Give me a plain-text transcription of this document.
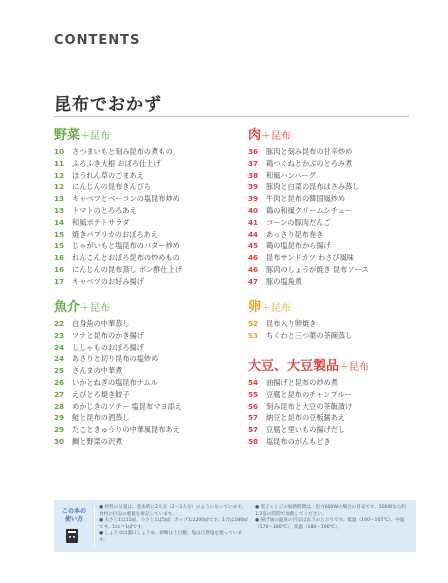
CONTENTS
昆布でおかず
野菜＋昆布
10 さつまいもと刻み昆布の煮もの
11 ふろふき大根 おぼろ仕上げ
12 ほうれん草のごまあえ
12 にんじんの昆布きんぴら
13 キャベツとベーコンの塩昆布炒め
13 トマトのとろろあえ
14 和風ポテトサラダ
15 焼きパプリカのおぼろあえ
15 じゃがいもと塩昆布のバター炒め
16 れんこんとおぼろ昆布の炒めもの
16 にんじんの昆布蒸し ポン酢仕上げ
17 キャベツのお好み揚げ
肉＋昆布
36 豚肉と刻み昆布の甘辛炒め
37 鶏つくねとかぶのとろみ煮
38 和風ハンバーグ
39 豚肉と白菜の昆布はさみ蒸し
39 牛肉と昆布の韓国風炒め
40 鶏の和風クリームシチュー
41 コーンの豚肉だんご
44 あっさり昆布巻き
45 鶏の塩昆布から揚げ
46 昆布サンドカツ わさび風味
46 豚肉のしょうが焼き 昆布ソース
47 豚の塩角煮
魚介＋昆布
22 白身魚の中華蒸し
23 ツナと昆布のかき揚げ
24 ししゃものおぼろ揚げ
24 あさりと切り昆布の塩炒め
25 さんまの中華煮
26 いかとねぎの塩昆布ナムル
27 えびとろ焼き餃子
28 めかじきのソテー 塩昆布マヨ添え
29 鮭と昆布の酒蒸し
29 たこときゅうりの中華風昆布あえ
30 鯛と野菜の沢煮
卵＋昆布
52 昆布入り卵焼き
53 ちくわと三つ葉の茶碗蒸し
大豆、大豆製品＋昆布
54 油揚げと昆布の炒め煮
55 豆腐と昆布のチャンプルー
56 刻み昆布と大豆の茶飯漬け
57 納豆と昆布の豆板醤あえ
57 豆腐と里いもの揚げだし
58 塩昆布のがんもどき
この本の使い方
● 材料の分量は、基本的に2人分（2〜3人分）のようになっています。食材の目安の重量を併記しています。
● 大さじ1は15㎖、小さじ1は5㎖、カップ1は200㎖です。1合は180㎖です。1cc＝1㎖です。
● しょうゆは濃口しょうゆ、砂糖は上白糖、塩は自然塩を使っています。
● 電子レンジの加熱時間は、出力600Wの場合の目安です。500Wなら約1.2倍の時間で加熱してください。
● 揚げ油の温度の目安は以下のとおりです。低温（160〜165℃）、中温（170〜180℃）、高温（180〜190℃）。
